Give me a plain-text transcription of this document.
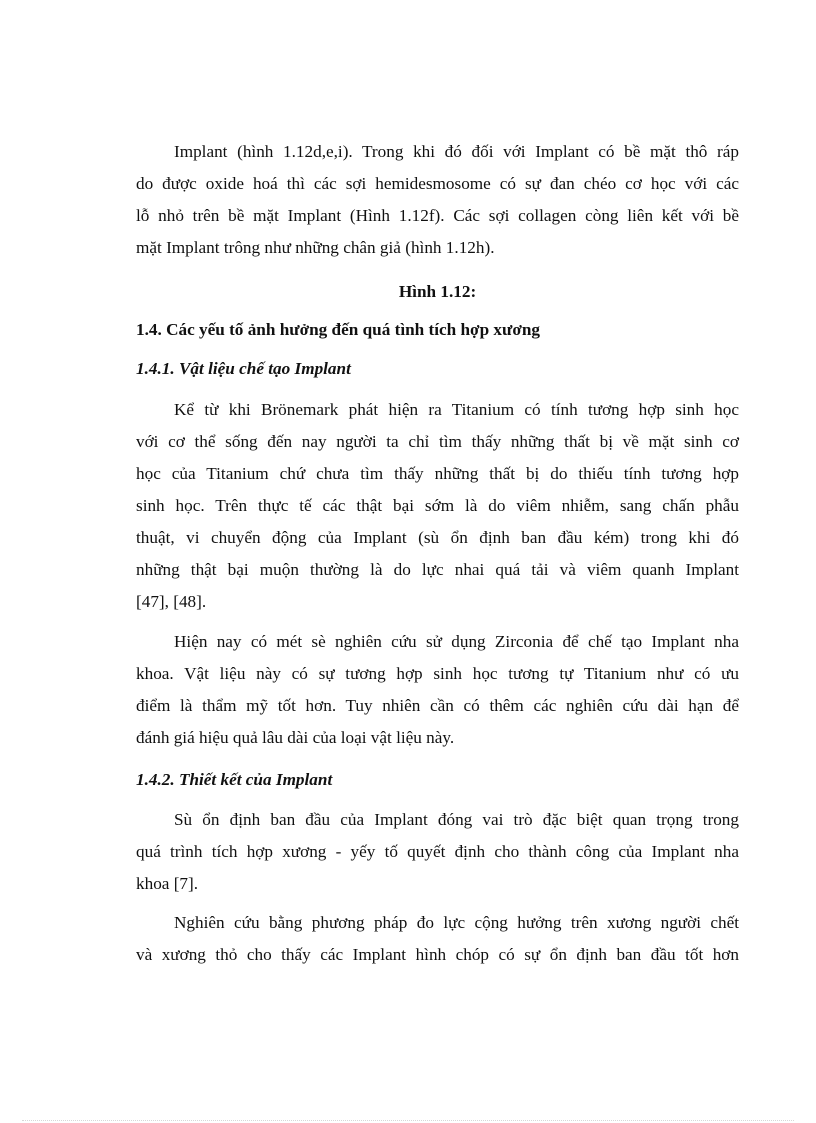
Implant (hình 1.12d,e,i). Trong khi đó đối với Implant có bề mặt thô ráp
do được oxide hoá thì các sợi hemidesmosome có sự đan chéo cơ học với các
lỗ nhỏ trên bề mặt Implant (Hình 1.12f). Các sợi collagen còng liên kết với bề
mặt Implant trông như những chân giả (hình 1.12h).

Hình 1.12:
1.4. Các yếu tố ảnh hưởng đến quá tình tích hợp xương
1.4.1. Vật liệu chế tạo Implant

Kể từ khi Brönemark phát hiện ra Titanium có tính tương hợp sinh học
với cơ thể sống đến nay người ta chỉ tìm thấy những thất bị về mặt sinh cơ
học của Titanium chứ chưa tìm thấy những thất bị do thiếu tính tương hợp
sinh học. Trên thực tế các thật bại sớm là do viêm nhiễm, sang chấn phẫu
thuật, vi chuyển động của Implant (sù ổn định ban đầu kém) trong khi đó
những thật bại muộn thường là do lực nhai quá tải và viêm quanh Implant
[47], [48].

Hiện nay có mét sè nghiên cứu sử dụng Zirconia để chế tạo Implant nha
khoa. Vật liệu này có sự tương hợp sinh học tương tự Titanium như có ưu
điểm là thẩm mỹ tốt hơn. Tuy nhiên cần có thêm các nghiên cứu dài hạn để
đánh giá hiệu quả lâu dài của loại vật liệu này.

1.4.2. Thiết kết của Implant

Sù ổn định ban đầu của Implant đóng vai trò đặc biệt quan trọng trong
quá trình tích hợp xương - yếy tố quyết định cho thành công của Implant nha
khoa [7].

Nghiên cứu bằng phương pháp đo lực cộng hưởng trên xương người chết
và xương thỏ cho thấy các Implant hình chóp có sự ổn định ban đầu tốt hơn
